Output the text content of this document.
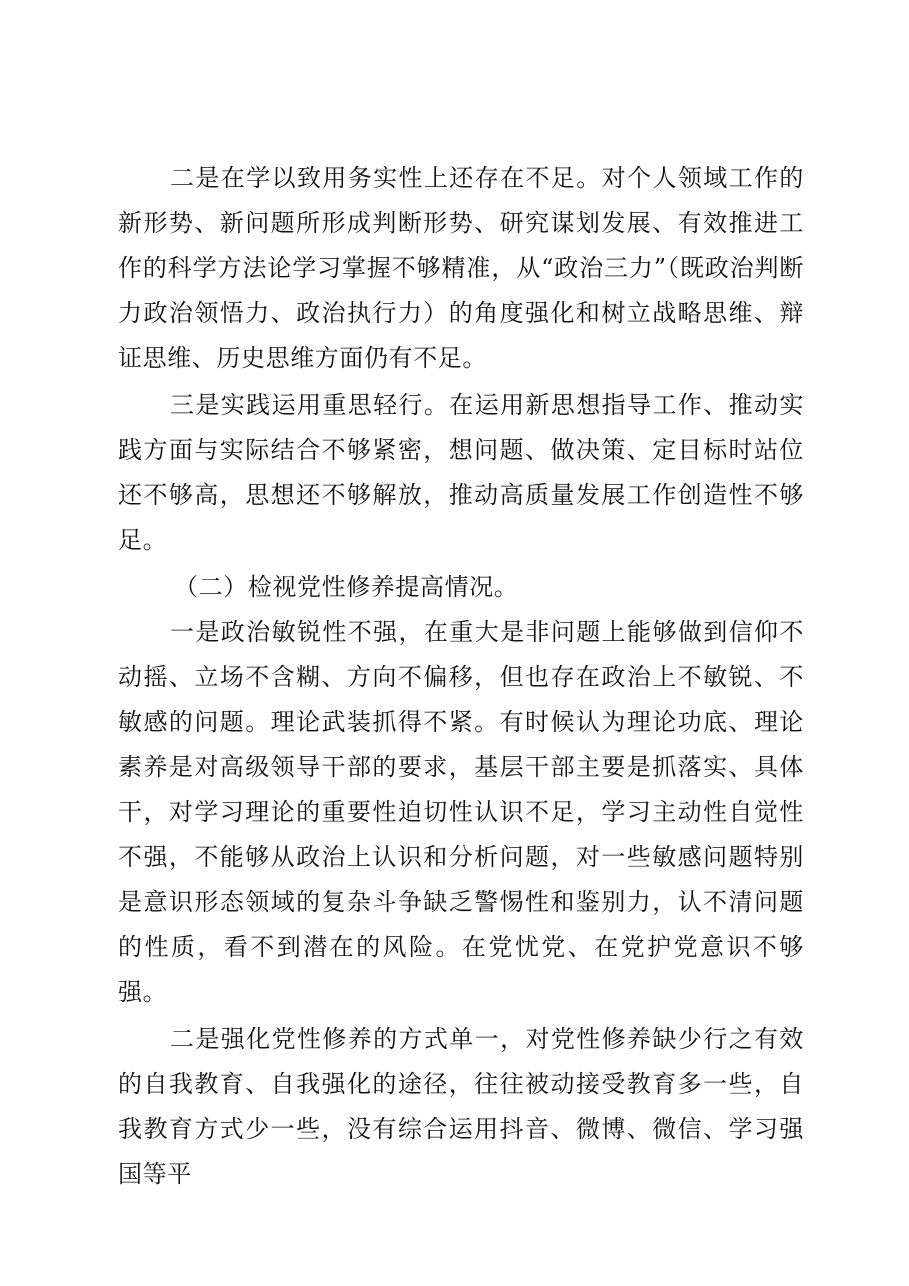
二是在学以致用务实性上还存在不足。对个人领域工作的新形势、新问题所形成判断形势、研究谋划发展、有效推进工作的科学方法论学习掌握不够精准，从“政治三力”（既政治判断力政治领悟力、政治执行力）的角度强化和树立战略思维、辩证思维、历史思维方面仍有不足。

三是实践运用重思轻行。在运用新思想指导工作、推动实践方面与实际结合不够紧密，想问题、做决策、定目标时站位还不够高，思想还不够解放，推动高质量发展工作创造性不够足。

（二）检视党性修养提高情况。

一是政治敏锐性不强，在重大是非问题上能够做到信仰不动摇、立场不含糊、方向不偏移，但也存在政治上不敏锐、不敏感的问题。理论武装抓得不紧。有时候认为理论功底、理论素养是对高级领导干部的要求，基层干部主要是抓落实、具体干，对学习理论的重要性迫切性认识不足，学习主动性自觉性不强，不能够从政治上认识和分析问题，对一些敏感问题特别是意识形态领域的复杂斗争缺乏警惕性和鉴别力，认不清问题的性质，看不到潜在的风险。在党忧党、在党护党意识不够强。

二是强化党性修养的方式单一，对党性修养缺少行之有效的自我教育、自我强化的途径，往往被动接受教育多一些，自我教育方式少一些，没有综合运用抖音、微博、微信、学习强国等平
